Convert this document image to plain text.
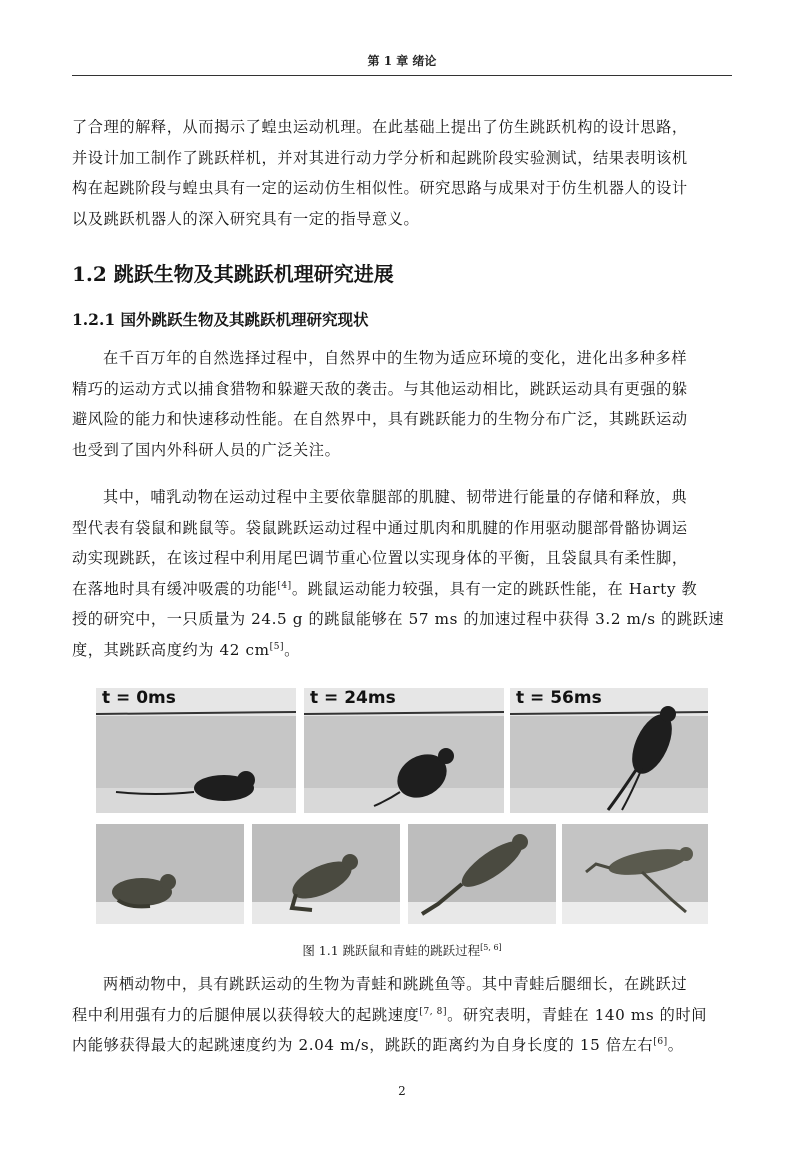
第 1 章 绪论
了合理的解释，从而揭示了蝗虫运动机理。在此基础上提出了仿生跳跃机构的设计思路，
并设计加工制作了跳跃样机，并对其进行动力学分析和起跳阶段实验测试，结果表明该机
构在起跳阶段与蝗虫具有一定的运动仿生相似性。研究思路与成果对于仿生机器人的设计
以及跳跃机器人的深入研究具有一定的指导意义。
1.2 跳跃生物及其跳跃机理研究进展
1.2.1 国外跳跃生物及其跳跃机理研究现状
在千百万年的自然选择过程中，自然界中的生物为适应环境的变化，进化出多种多样
精巧的运动方式以捕食猎物和躲避天敌的袭击。与其他运动相比，跳跃运动具有更强的躲
避风险的能力和快速移动性能。在自然界中，具有跳跃能力的生物分布广泛，其跳跃运动
也受到了国内外科研人员的广泛关注。
其中，哺乳动物在运动过程中主要依靠腿部的肌腱、韧带进行能量的存储和释放，典
型代表有袋鼠和跳鼠等。袋鼠跳跃运动过程中通过肌肉和肌腱的作用驱动腿部骨骼协调运
动实现跳跃，在该过程中利用尾巴调节重心位置以实现身体的平衡，且袋鼠具有柔性脚，
在落地时具有缓冲吸震的功能[4]。跳鼠运动能力较强，具有一定的跳跃性能，在 Harty 教
授的研究中，一只质量为 24.5 g 的跳鼠能够在 57 ms 的加速过程中获得 3.2 m/s 的跳跃速
度，其跳跃高度约为 42 cm[5]。
t = 0ms	t = 24ms	t = 56ms
图 1.1 跳跃鼠和青蛙的跳跃过程[5, 6]
两栖动物中，具有跳跃运动的生物为青蛙和跳跳鱼等。其中青蛙后腿细长，在跳跃过
程中利用强有力的后腿伸展以获得较大的起跳速度[7, 8]。研究表明，青蛙在 140 ms 的时间
内能够获得最大的起跳速度约为 2.04 m/s，跳跃的距离约为自身长度的 15 倍左右[6]。
2
